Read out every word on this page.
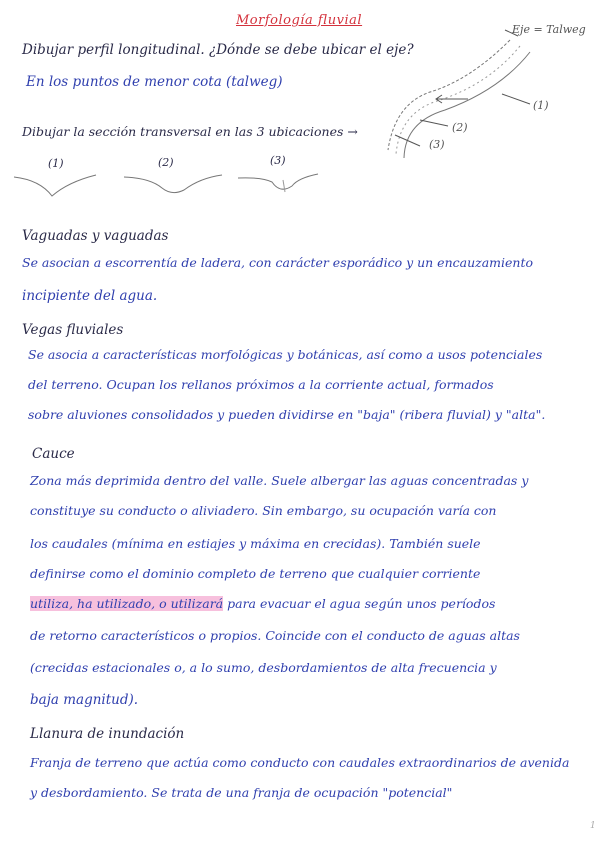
Morfología fluvial
Dibujar perfil longitudinal. ¿Dónde se debe ubicar el eje?
En los puntos de menor cota (talweg)
Dibujar la sección transversal en las 3 ubicaciones →
(1)	(2)	(3)
Eje = Talweg
(1)
(2)
(3)
Vaguadas y vaguadas
Se asocian a escorrentía de ladera, con carácter esporádico y un encauzamiento
incipiente del agua.
Vegas fluviales
Se asocia a características morfológicas y botánicas, así como a usos potenciales
del terreno. Ocupan los rellanos próximos a la corriente actual, formados
sobre aluviones consolidados y pueden dividirse en "baja" (ribera fluvial) y "alta".
Cauce
Zona más deprimida dentro del valle. Suele albergar las aguas concentradas y
constituye su conducto o aliviadero. Sin embargo, su ocupación varía con
los caudales (mínima en estiajes y máxima en crecidas). También suele
definirse como el dominio completo de terreno que cualquier corriente
utiliza, ha utilizado, o utilizará para evacuar el agua según unos períodos
de retorno característicos o propios. Coincide con el conducto de aguas altas
(crecidas estacionales o, a lo sumo, desbordamientos de alta frecuencia y
baja magnitud).
Llanura de inundación
Franja de terreno que actúa como conducto con caudales extraordinarios de avenida
y desbordamiento. Se trata de una franja de ocupación "potencial"
1
